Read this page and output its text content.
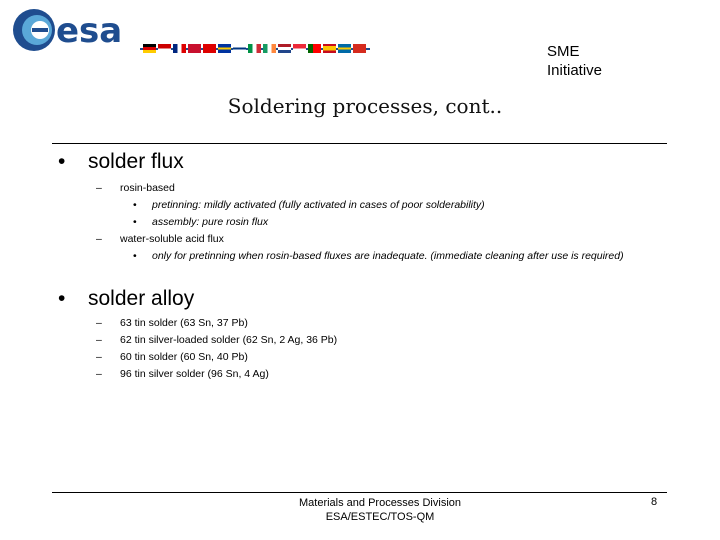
esa
SME
Initiative
Soldering processes, cont..
• solder flux
– rosin-based
• pretinning: mildly activated (fully activated in cases of poor solderability)
• assembly: pure rosin flux
– water-soluble acid flux
• only for pretinning when rosin-based fluxes are inadequate. (immediate cleaning after use is required)
• solder alloy
– 63 tin solder (63 Sn, 37 Pb)
– 62 tin silver-loaded solder (62 Sn, 2 Ag, 36 Pb)
– 60 tin solder (60 Sn, 40 Pb)
– 96 tin silver solder (96 Sn, 4 Ag)
Materials and Processes Division
ESA/ESTEC/TOS-QM
8
